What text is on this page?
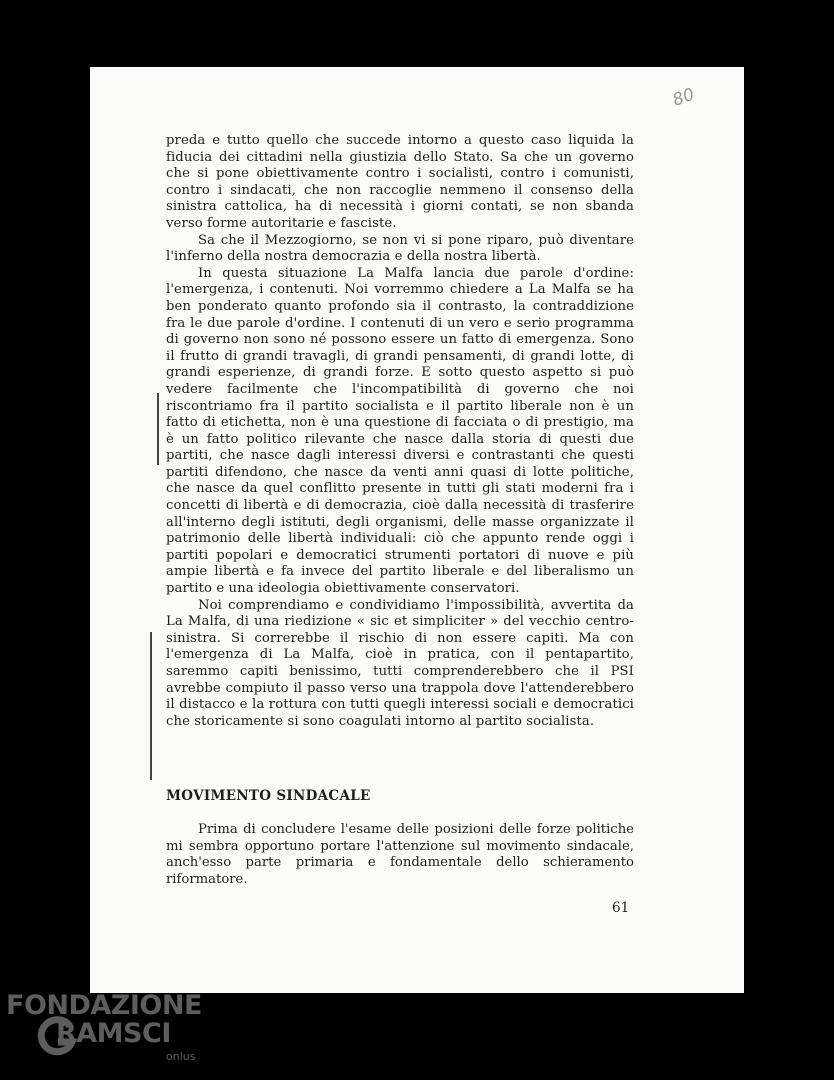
80

preda e tutto quello che succede intorno a questo caso liquida la fiducia dei cittadini nella giustizia dello Stato. Sa che un governo che si pone obiettivamente contro i socialisti, contro i comunisti, contro i sindacati, che non raccoglie nemmeno il consenso della sinistra cattolica, ha di necessità i giorni contati, se non sbanda verso forme autoritarie e fasciste.

Sa che il Mezzogiorno, se non vi si pone riparo, può diventare l'inferno della nostra democrazia e della nostra libertà.

In questa situazione La Malfa lancia due parole d'ordine: l'emergenza, i contenuti. Noi vorremmo chiedere a La Malfa se ha ben ponderato quanto profondo sia il contrasto, la contraddizione fra le due parole d'ordine. I contenuti di un vero e serio programma di governo non sono né possono essere un fatto di emergenza. Sono il frutto di grandi travagli, di grandi pensamenti, di grandi lotte, di grandi esperienze, di grandi forze. E sotto questo aspetto si può vedere facilmente che l'incompatibilità di governo che noi riscontriamo fra il partito socialista e il partito liberale non è un fatto di etichetta, non è una questione di facciata o di prestigio, ma è un fatto politico rilevante che nasce dalla storia di questi due partiti, che nasce dagli interessi diversi e contrastanti che questi partiti difendono, che nasce da venti anni quasi di lotte politiche, che nasce da quel conflitto presente in tutti gli stati moderni fra i concetti di libertà e di democrazia, cioè dalla necessità di trasferire all'interno degli istituti, degli organismi, delle masse organizzate il patrimonio delle libertà individuali: ciò che appunto rende oggi i partiti popolari e democratici strumenti portatori di nuove e più ampie libertà e fa invece del partito liberale e del liberalismo un partito e una ideologia obiettivamente conservatori.

Noi comprendiamo e condividiamo l'impossibilità, avvertita da La Malfa, di una riedizione « sic et simpliciter » del vecchio centro-sinistra. Si correrebbe il rischio di non essere capiti. Ma con l'emergenza di La Malfa, cioè in pratica, con il pentapartito, saremmo capiti benissimo, tutti comprenderebbero che il PSI avrebbe compiuto il passo verso una trappola dove l'attenderebbero il distacco e la rottura con tutti quegli interessi sociali e democratici che storicamente si sono coagulati intorno al partito socialista.

MOVIMENTO SINDACALE

Prima di concludere l'esame delle posizioni delle forze politiche mi sembra opportuno portare l'attenzione sul movimento sindacale, anch'esso parte primaria e fondamentale dello schieramento riformatore.

61
FONDAZIONE
RAMSCI
onlus
